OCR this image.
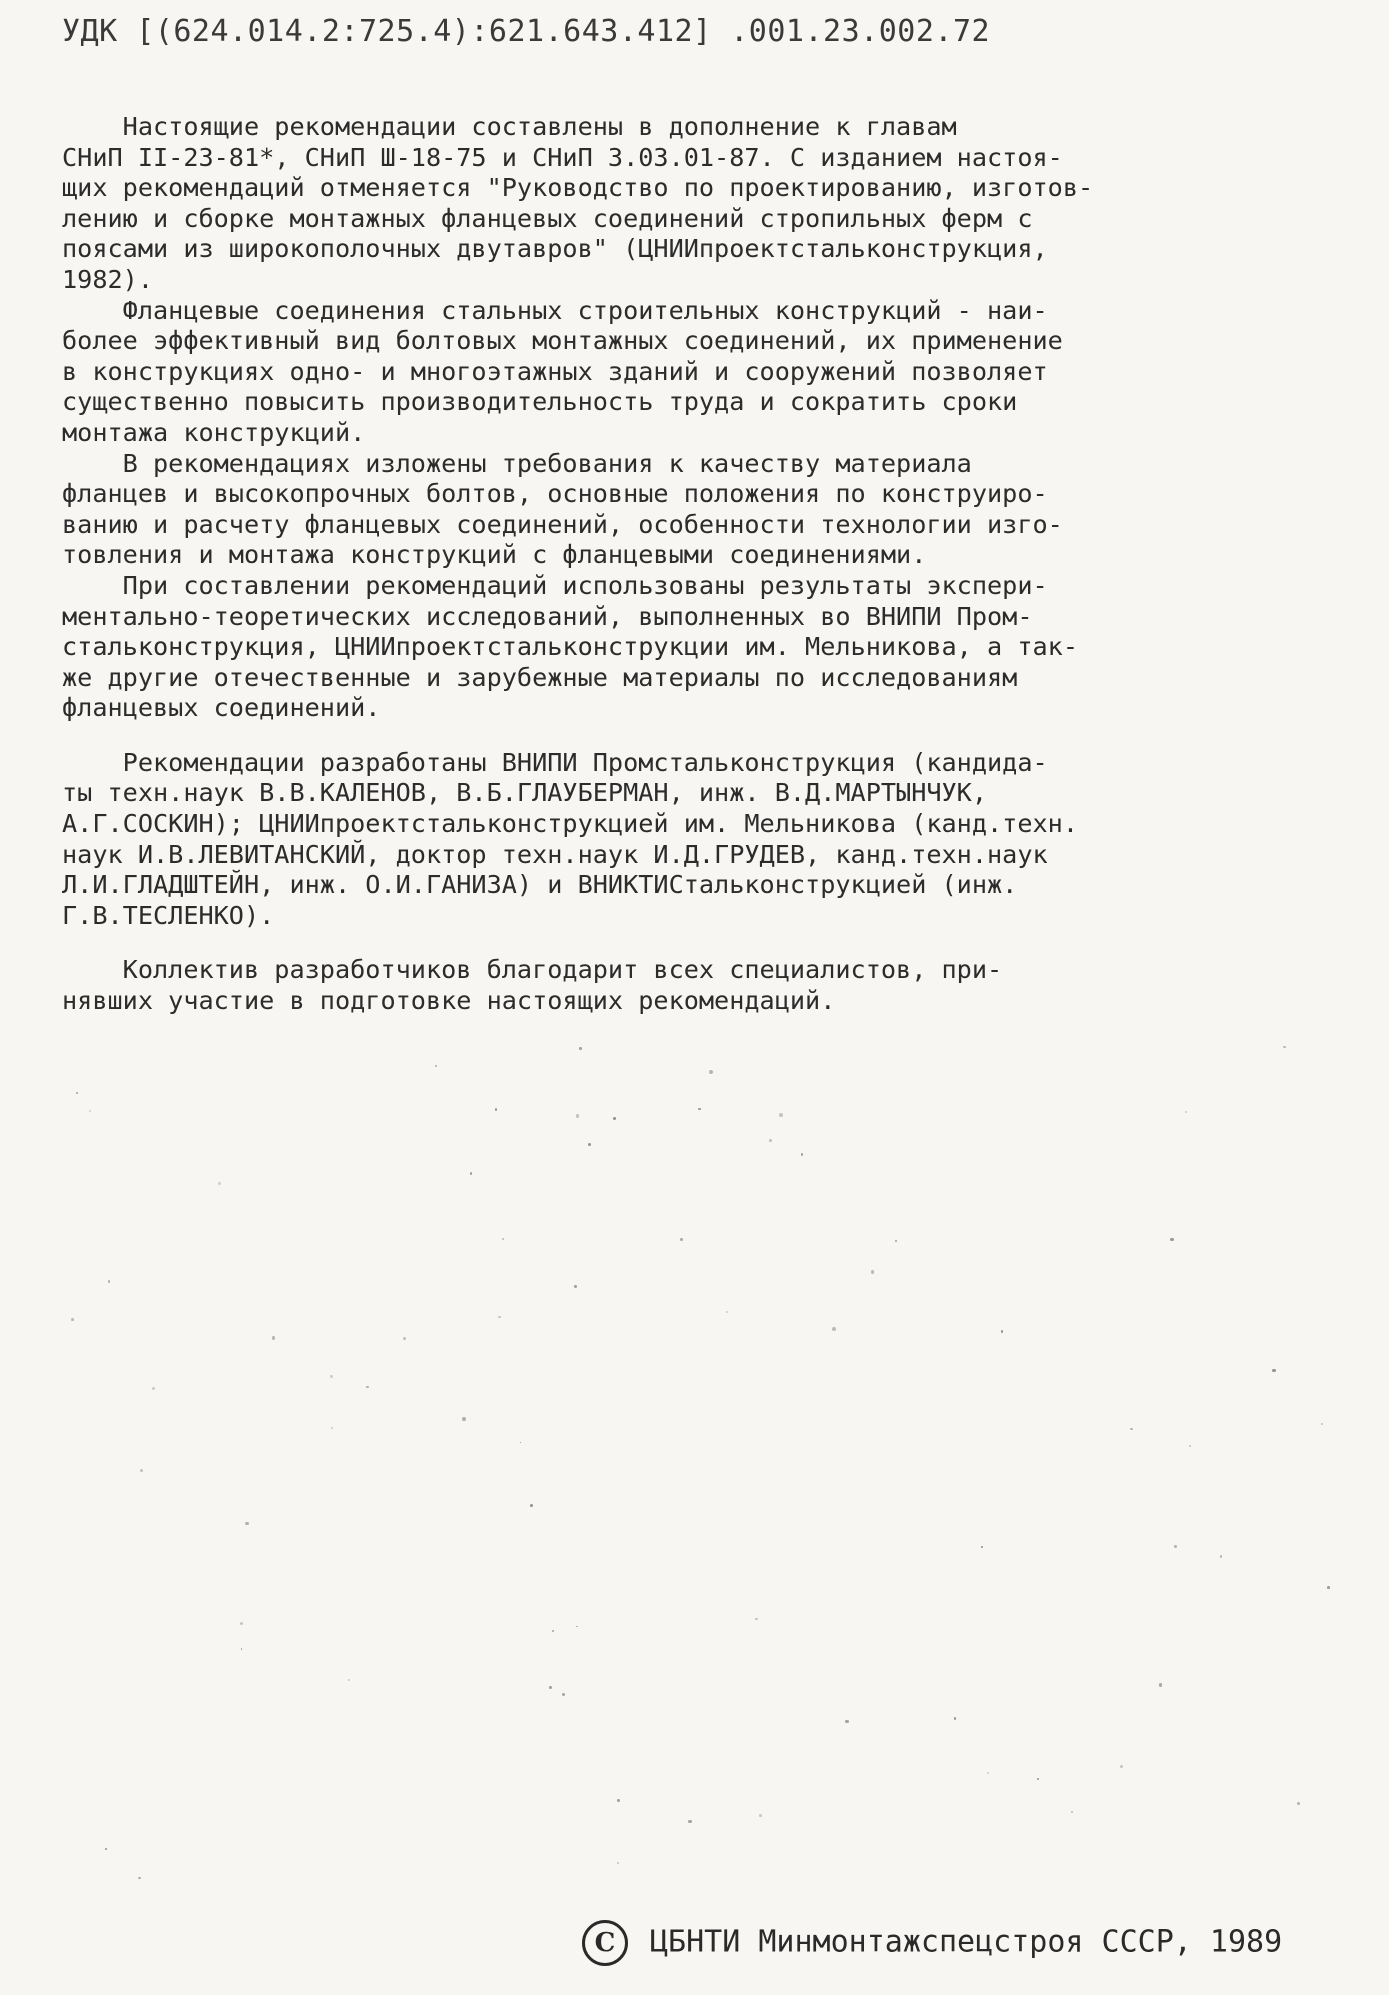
УДК [(624.014.2:725.4):621.643.412] .001.23.002.72
Настоящие рекомендации составлены в дополнение к главам
СНиП II-23-81*, СНиП Ш-18-75 и СНиП 3.03.01-87. С изданием настоя-
щих рекомендаций отменяется "Руководство по проектированию, изготов-
лению и сборке монтажных фланцевых соединений стропильных ферм с
поясами из широкополочных двутавров" (ЦНИИпроектстальконструкция,
1982).
Фланцевые соединения стальных строительных конструкций - наи-
более эффективный вид болтовых монтажных соединений, их применение
в конструкциях одно- и многоэтажных зданий и сооружений позволяет
существенно повысить производительность труда и сократить сроки
монтажа конструкций.
В рекомендациях изложены требования к качеству материала
фланцев и высокопрочных болтов, основные положения по конструиро-
ванию и расчету фланцевых соединений, особенности технологии изго-
товления и монтажа конструкций с фланцевыми соединениями.
При составлении рекомендаций использованы результаты экспери-
ментально-теоретических исследований, выполненных во ВНИПИ Пром-
стальконструкция, ЦНИИпроектстальконструкции им. Мельникова, а так-
же другие отечественные и зарубежные материалы по исследованиям
фланцевых соединений.
Рекомендации разработаны ВНИПИ Промстальконструкция (кандида-
ты техн.наук В.В.КАЛЕНОВ, В.Б.ГЛАУБЕРМАН, инж. В.Д.МАРТЫНЧУК,
А.Г.СОСКИН); ЦНИИпроектстальконструкцией им. Мельникова (канд.техн.
наук И.В.ЛЕВИТАНСКИЙ, доктор техн.наук И.Д.ГРУДЕВ, канд.техн.наук
Л.И.ГЛАДШТЕЙН, инж. О.И.ГАНИЗА) и ВНИКТИСтальконструкцией (инж.
Г.В.ТЕСЛЕНКО).
Коллектив разработчиков благодарит всех специалистов, при-
нявших участие в подготовке настоящих рекомендаций.
C ЦБНТИ Минмонтажспецстроя СССР, 1989
